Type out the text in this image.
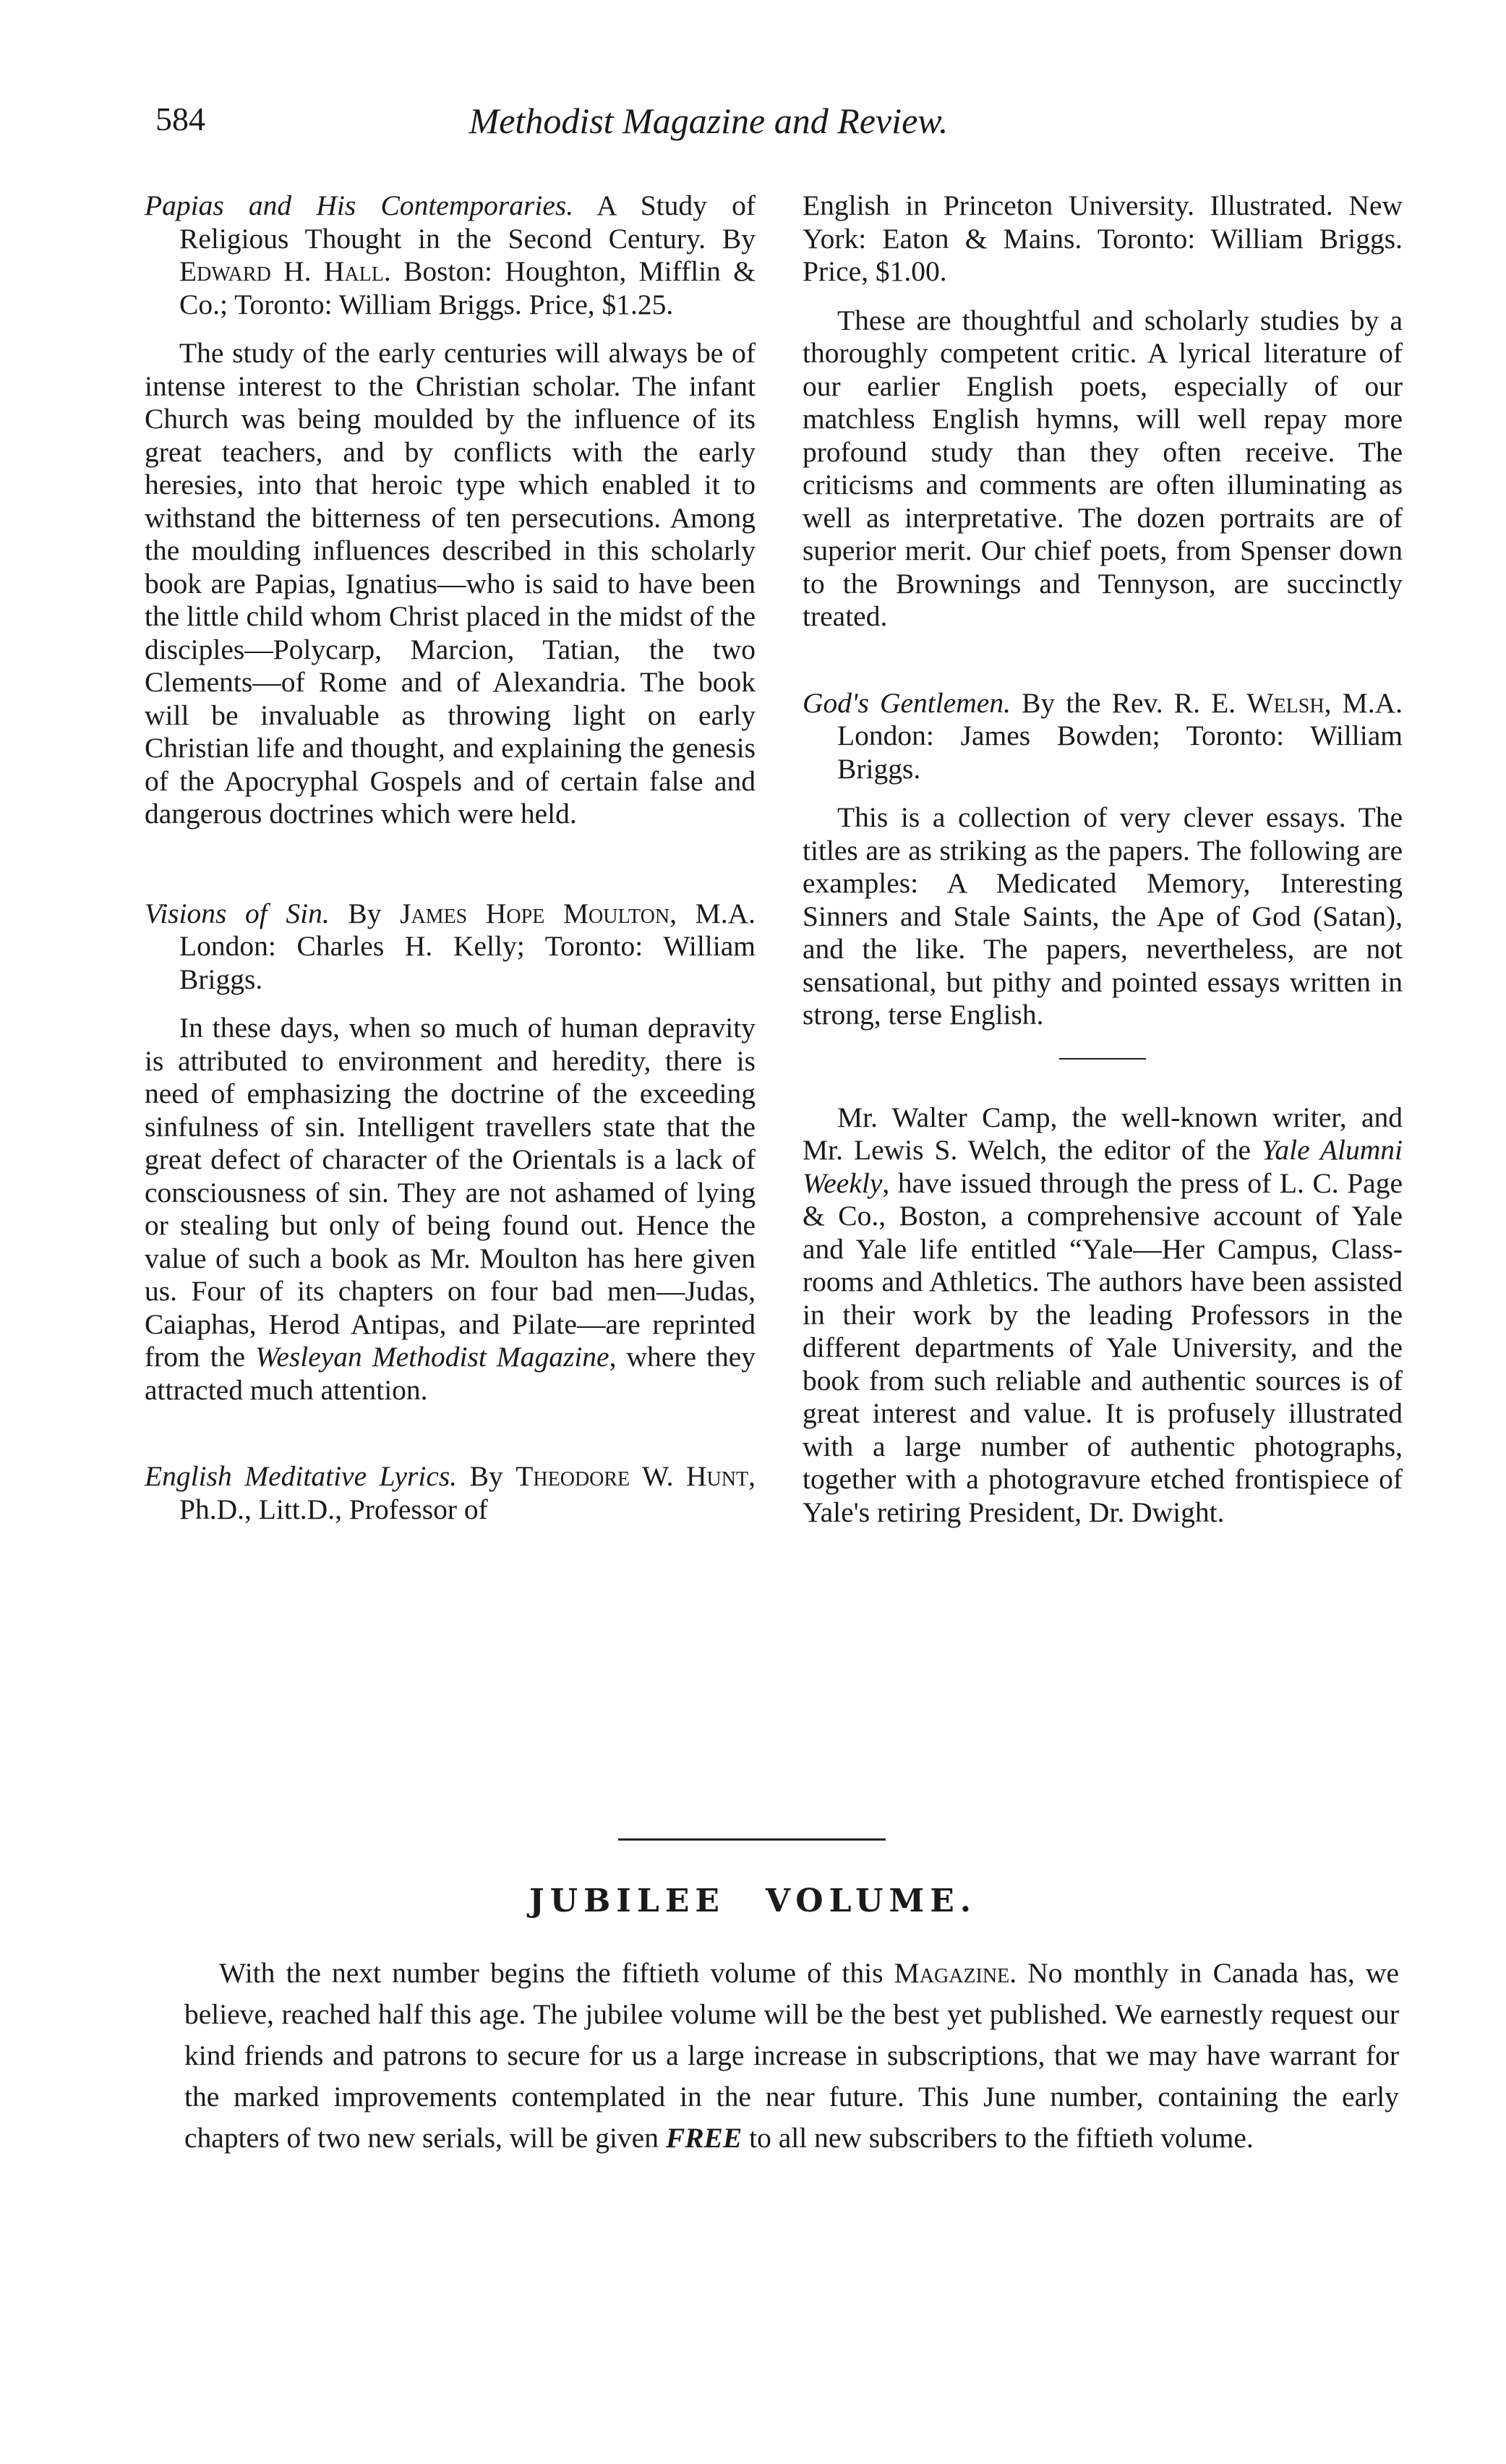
584	Methodist Magazine and Review.

Papias and His Contemporaries. A Study of Religious Thought in the Second Century. By Edward H. Hall. Boston: Houghton, Mifflin & Co.; Toronto: William Briggs. Price, $1.25.

The study of the early centuries will always be of intense interest to the Christian scholar. The infant Church was being moulded by the influence of its great teachers, and by conflicts with the early heresies, into that heroic type which enabled it to withstand the bitterness of ten persecutions. Among the moulding influences described in this scholarly book are Papias, Ignatius—who is said to have been the little child whom Christ placed in the midst of the disciples—Polycarp, Marcion, Tatian, the two Clements—of Rome and of Alexandria. The book will be invaluable as throwing light on early Christian life and thought, and explaining the genesis of the Apocryphal Gospels and of certain false and dangerous doctrines which were held.

Visions of Sin. By James Hope Moulton, M.A. London: Charles H. Kelly; Toronto: William Briggs.

In these days, when so much of human depravity is attributed to environment and heredity, there is need of emphasizing the doctrine of the exceeding sinfulness of sin. Intelligent travellers state that the great defect of character of the Orientals is a lack of consciousness of sin. They are not ashamed of lying or stealing but only of being found out. Hence the value of such a book as Mr. Moulton has here given us. Four of its chapters on four bad men—Judas, Caiaphas, Herod Antipas, and Pilate—are reprinted from the Wesleyan Methodist Magazine, where they attracted much attention.

English Meditative Lyrics. By Theodore W. Hunt, Ph.D., Litt.D., Professor of

English in Princeton University. Illustrated. New York: Eaton & Mains. Toronto: William Briggs. Price, $1.00.

These are thoughtful and scholarly studies by a thoroughly competent critic. A lyrical literature of our earlier English poets, especially of our matchless English hymns, will well repay more profound study than they often receive. The criticisms and comments are often illuminating as well as interpretative. The dozen portraits are of superior merit. Our chief poets, from Spenser down to the Brownings and Tennyson, are succinctly treated.

God's Gentlemen. By the Rev. R. E. Welsh, M.A. London: James Bowden; Toronto: William Briggs.

This is a collection of very clever essays. The titles are as striking as the papers. The following are examples: A Medicated Memory, Interesting Sinners and Stale Saints, the Ape of God (Satan), and the like. The papers, nevertheless, are not sensational, but pithy and pointed essays written in strong, terse English.

Mr. Walter Camp, the well-known writer, and Mr. Lewis S. Welch, the editor of the Yale Alumni Weekly, have issued through the press of L. C. Page & Co., Boston, a comprehensive account of Yale and Yale life entitled “Yale—Her Campus, Class-rooms and Athletics. The authors have been assisted in their work by the leading Professors in the different departments of Yale University, and the book from such reliable and authentic sources is of great interest and value. It is profusely illustrated with a large number of authentic photographs, together with a photogravure etched frontispiece of Yale's retiring President, Dr. Dwight.

JUBILEE VOLUME.

With the next number begins the fiftieth volume of this Magazine. No monthly in Canada has, we believe, reached half this age. The jubilee volume will be the best yet published. We earnestly request our kind friends and patrons to secure for us a large increase in subscriptions, that we may have warrant for the marked improvements contemplated in the near future. This June number, containing the early chapters of two new serials, will be given FREE to all new subscribers to the fiftieth volume.
